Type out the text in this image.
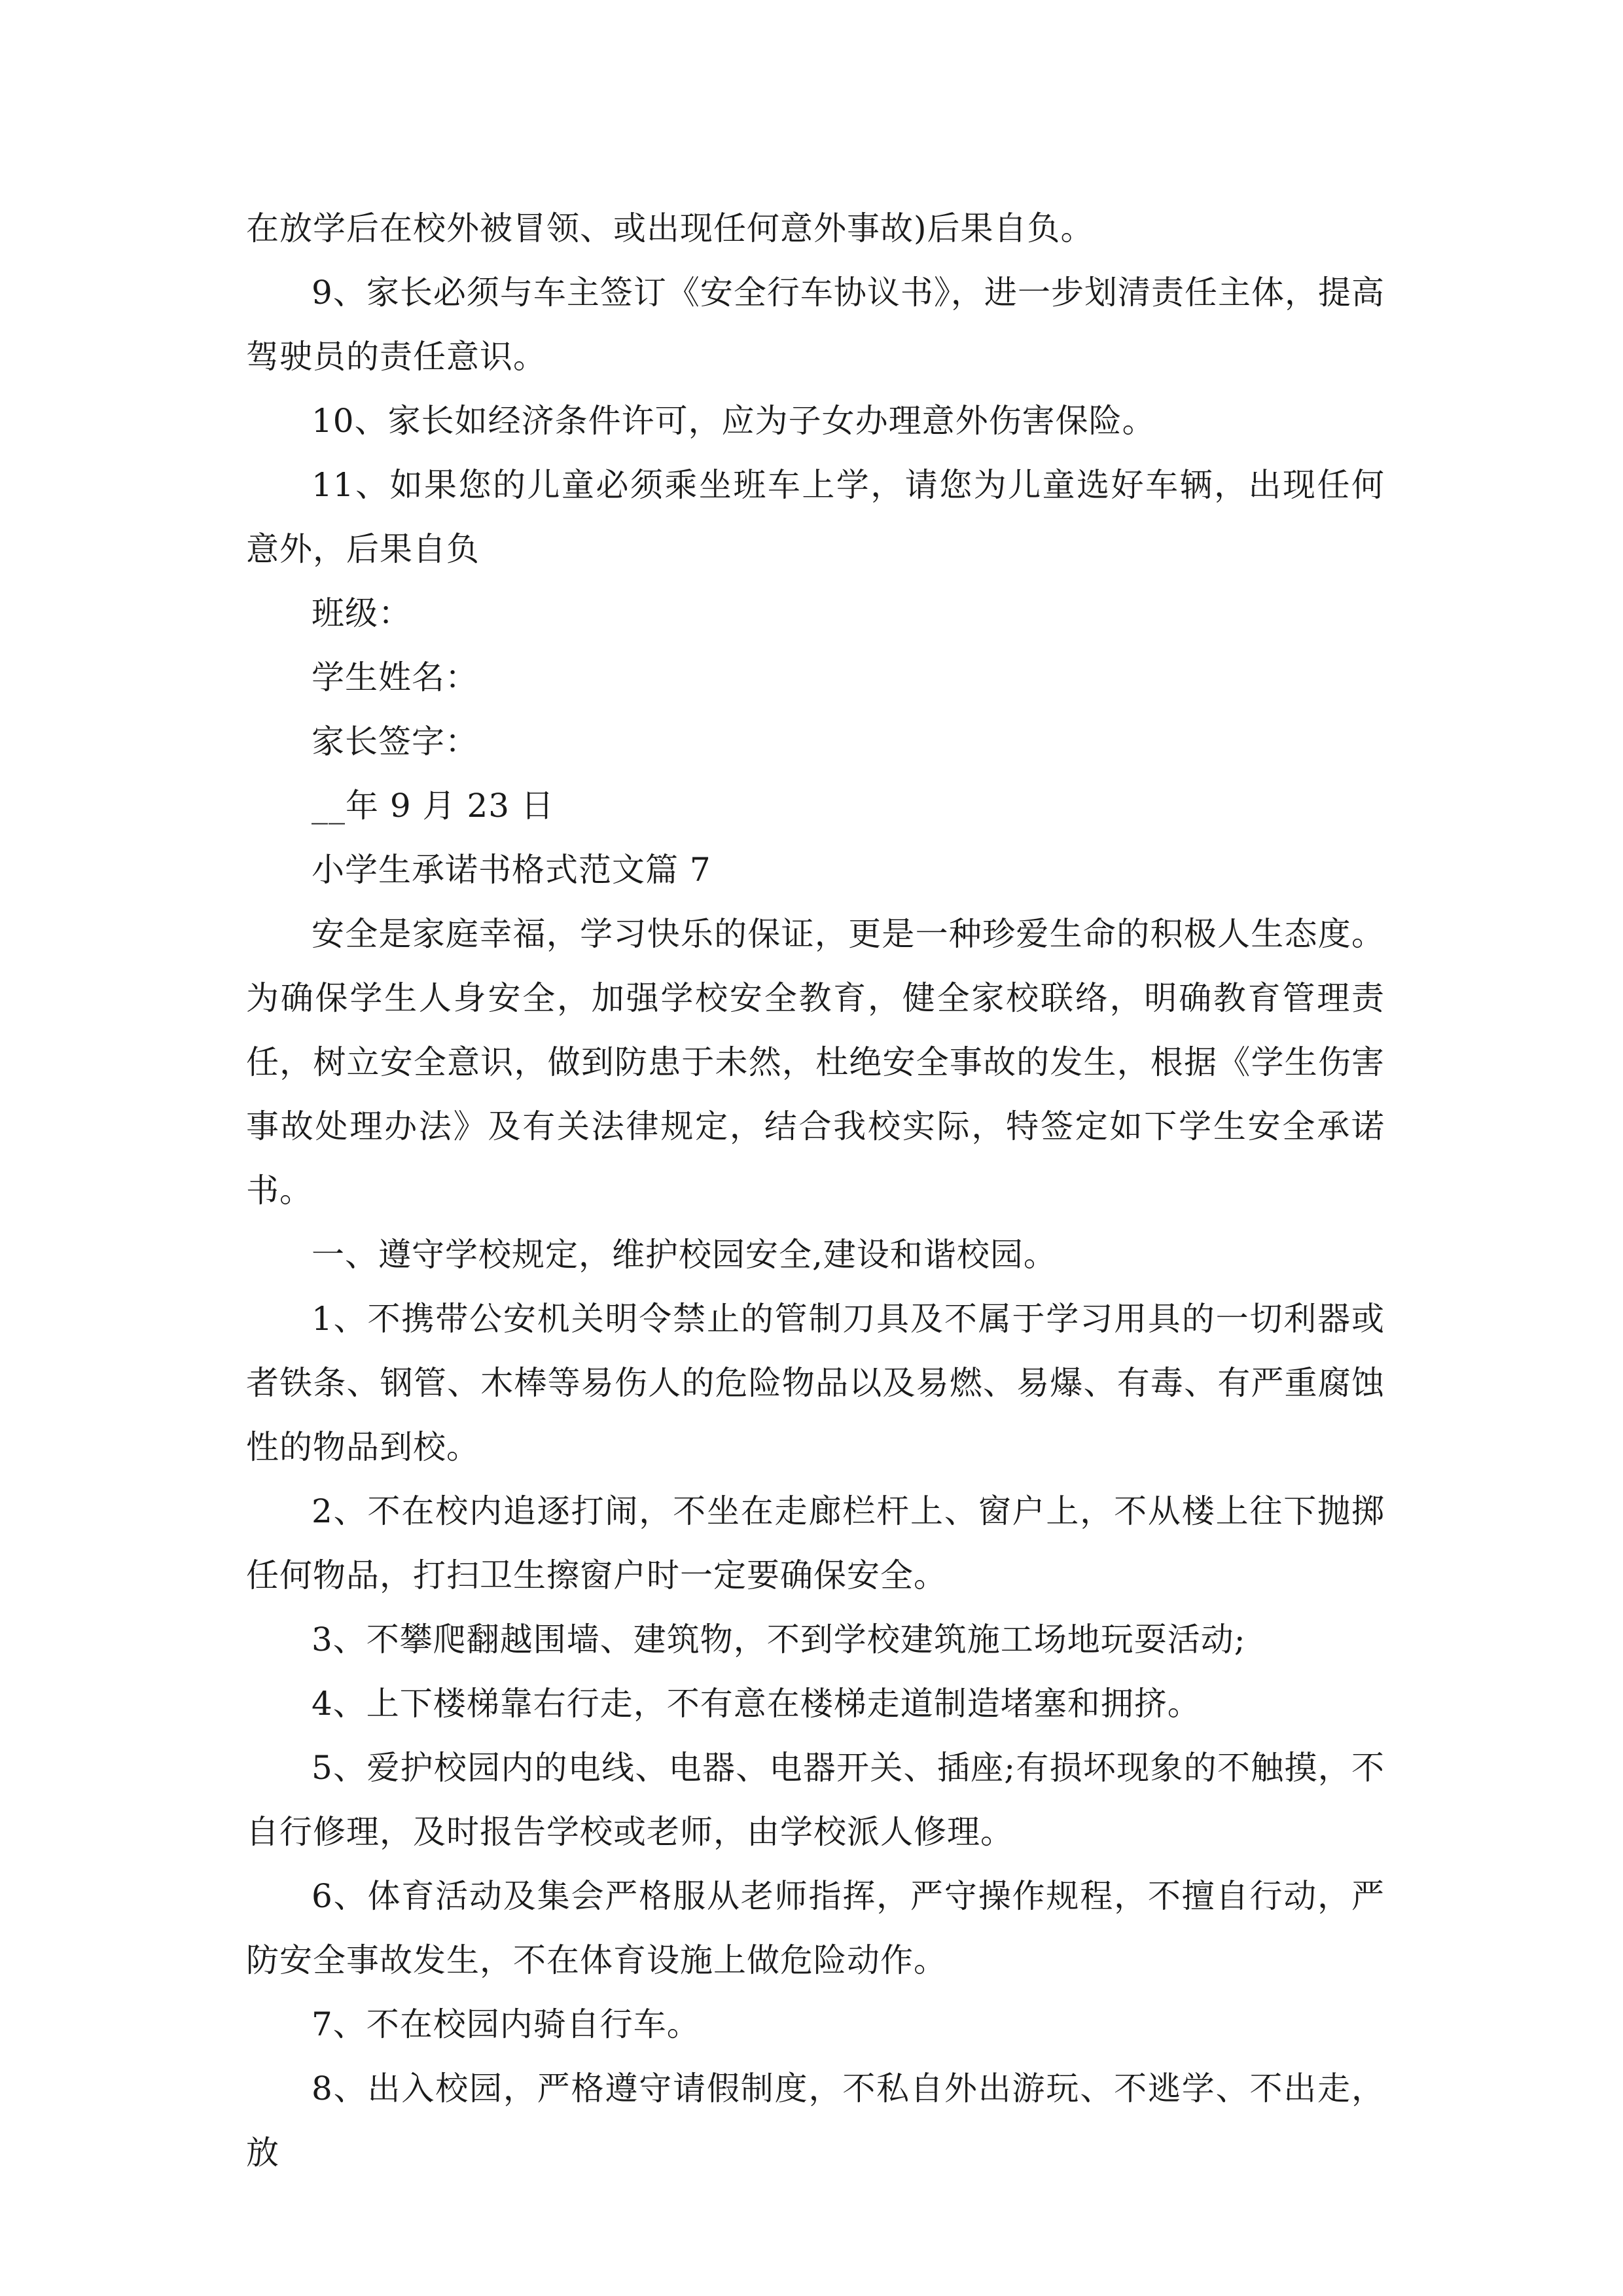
在放学后在校外被冒领、或出现任何意外事故)后果自负。

9、家长必须与车主签订《安全行车协议书》，进一步划清责任主体，提高驾驶员的责任意识。

10、家长如经济条件许可，应为子女办理意外伤害保险。

11、如果您的儿童必须乘坐班车上学，请您为儿童选好车辆，出现任何意外，后果自负

班级：

学生姓名：

家长签字：

__年 9 月 23 日

小学生承诺书格式范文篇 7

安全是家庭幸福，学习快乐的保证，更是一种珍爱生命的积极人生态度。为确保学生人身安全，加强学校安全教育，健全家校联络，明确教育管理责任，树立安全意识，做到防患于未然，杜绝安全事故的发生，根据《学生伤害事故处理办法》及有关法律规定，结合我校实际，特签定如下学生安全承诺书。

一、遵守学校规定，维护校园安全,建设和谐校园。

1、不携带公安机关明令禁止的管制刀具及不属于学习用具的一切利器或者铁条、钢管、木棒等易伤人的危险物品以及易燃、易爆、有毒、有严重腐蚀性的物品到校。

2、不在校内追逐打闹，不坐在走廊栏杆上、窗户上，不从楼上往下抛掷任何物品，打扫卫生擦窗户时一定要确保安全。

3、不攀爬翻越围墙、建筑物，不到学校建筑施工场地玩耍活动;

4、上下楼梯靠右行走，不有意在楼梯走道制造堵塞和拥挤。

5、爱护校园内的电线、电器、电器开关、插座;有损坏现象的不触摸，不自行修理，及时报告学校或老师，由学校派人修理。

6、体育活动及集会严格服从老师指挥，严守操作规程，不擅自行动，严防安全事故发生，不在体育设施上做危险动作。

7、不在校园内骑自行车。

8、出入校园，严格遵守请假制度，不私自外出游玩、不逃学、不出走，放
